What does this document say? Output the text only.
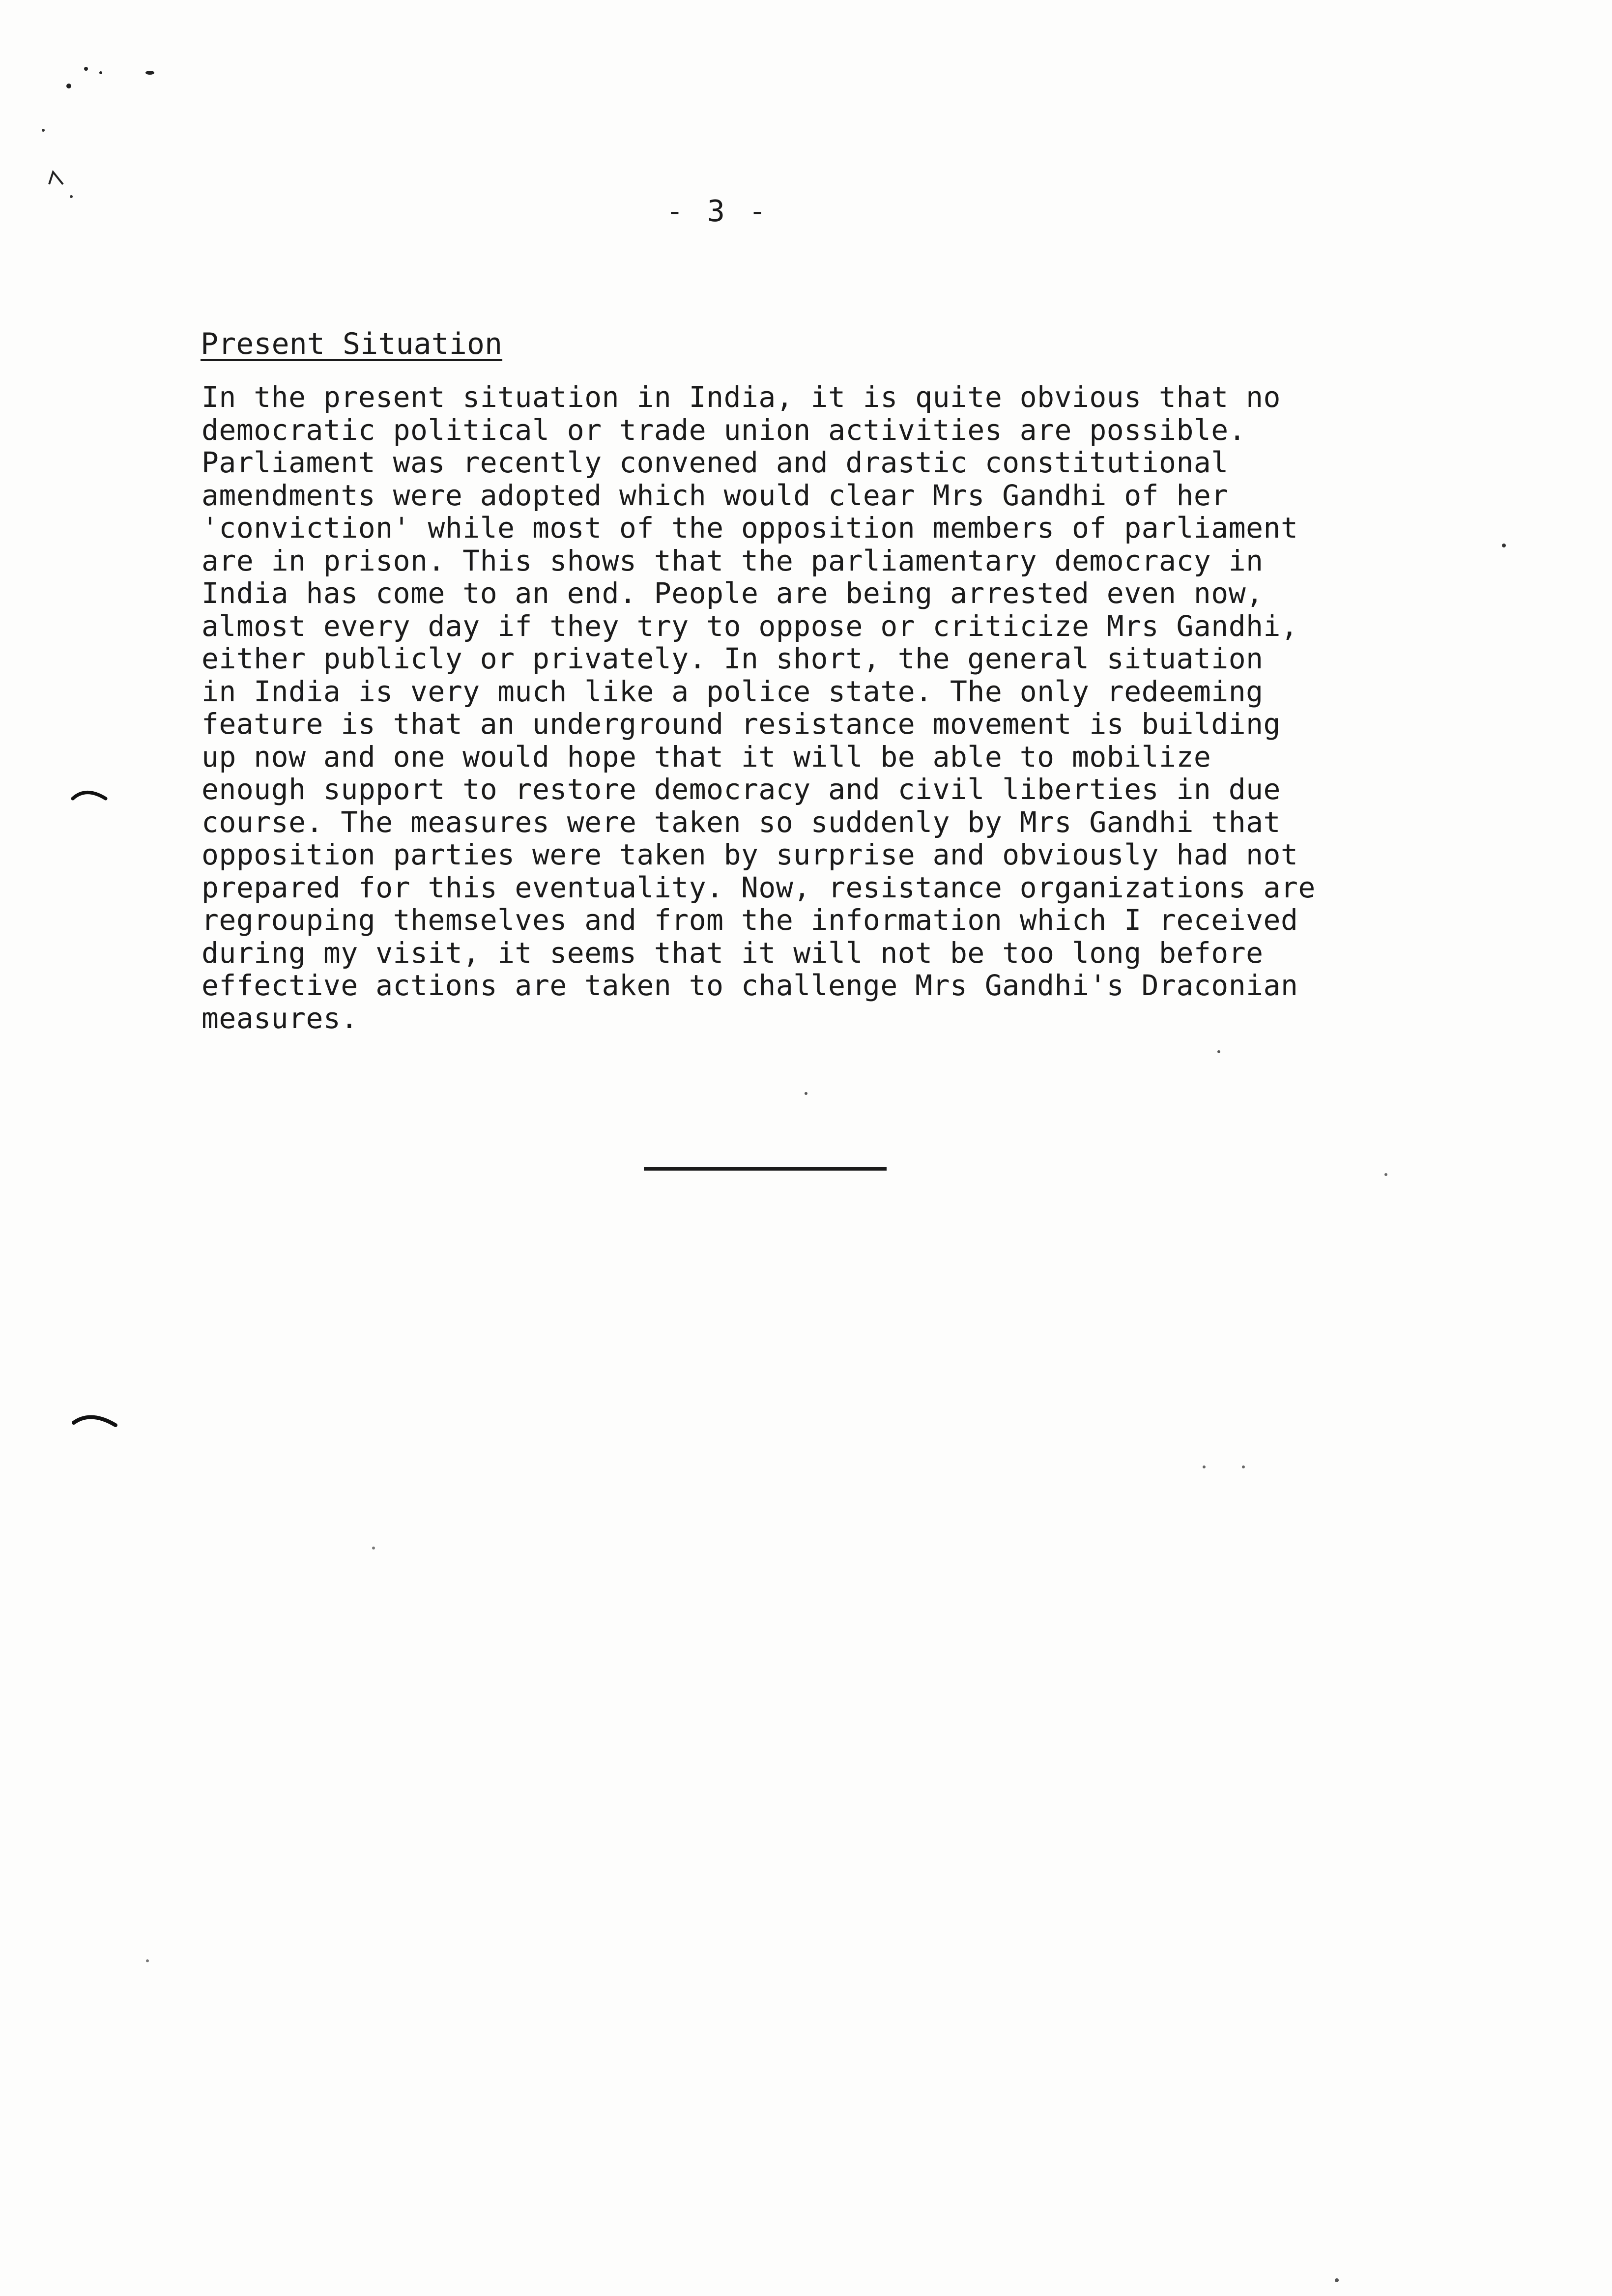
- 3 -
Present Situation
In the present situation in India, it is quite obvious that no
democratic political or trade union activities are possible.
Parliament was recently convened and drastic constitutional
amendments were adopted which would clear Mrs Gandhi of her
'conviction' while most of the opposition members of parliament
are in prison. This shows that the parliamentary democracy in
India has come to an end. People are being arrested even now,
almost every day if they try to oppose or criticize Mrs Gandhi,
either publicly or privately. In short, the general situation
in India is very much like a police state. The only redeeming
feature is that an underground resistance movement is building
up now and one would hope that it will be able to mobilize
enough support to restore democracy and civil liberties in due
course. The measures were taken so suddenly by Mrs Gandhi that
opposition parties were taken by surprise and obviously had not
prepared for this eventuality. Now, resistance organizations are
regrouping themselves and from the information which I received
during my visit, it seems that it will not be too long before
effective actions are taken to challenge Mrs Gandhi's Draconian
measures.
